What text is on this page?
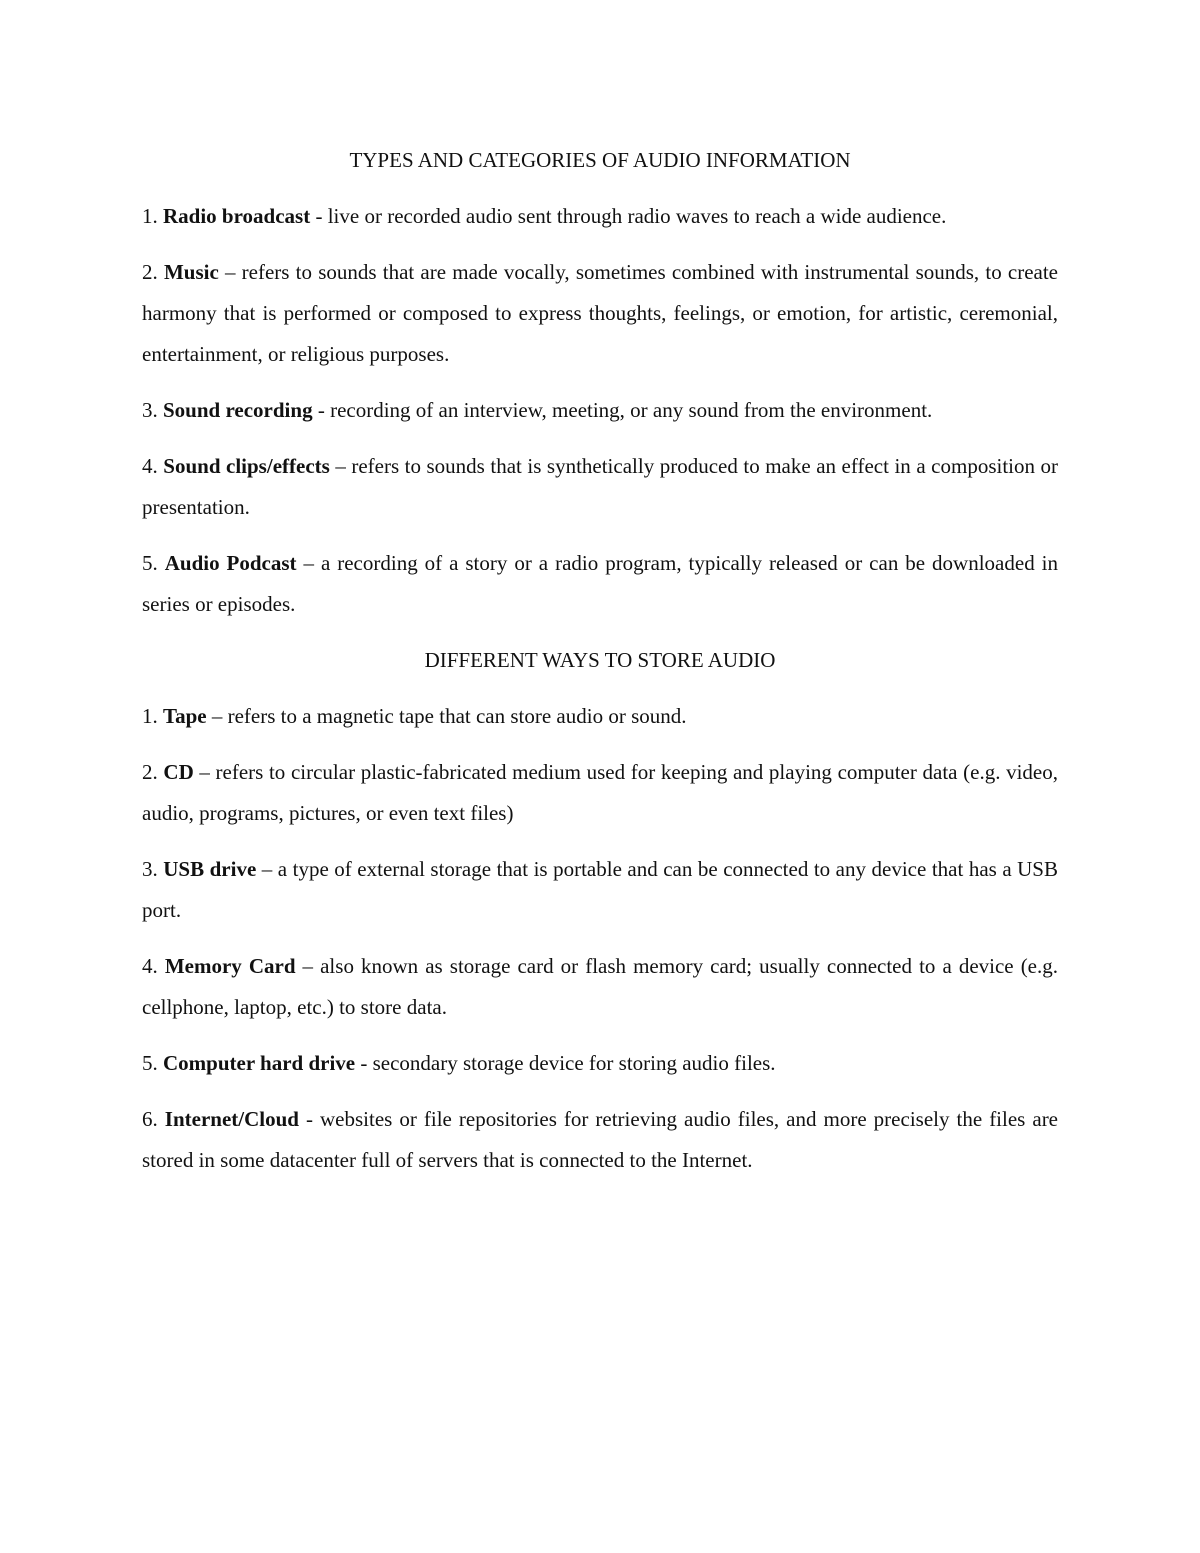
TYPES AND CATEGORIES OF AUDIO INFORMATION
1. Radio broadcast - live or recorded audio sent through radio waves to reach a wide audience.
2. Music – refers to sounds that are made vocally, sometimes combined with instrumental sounds, to create harmony that is performed or composed to express thoughts, feelings, or emotion, for artistic, ceremonial, entertainment, or religious purposes.
3. Sound recording - recording of an interview, meeting, or any sound from the environment.
4. Sound clips/effects – refers to sounds that is synthetically produced to make an effect in a composition or presentation.
5. Audio Podcast – a recording of a story or a radio program, typically released or can be downloaded in series or episodes.
DIFFERENT WAYS TO STORE AUDIO
1. Tape – refers to a magnetic tape that can store audio or sound.
2. CD – refers to circular plastic-fabricated medium used for keeping and playing computer data (e.g. video, audio, programs, pictures, or even text files)
3. USB drive – a type of external storage that is portable and can be connected to any device that has a USB port.
4. Memory Card – also known as storage card or flash memory card; usually connected to a device (e.g. cellphone, laptop, etc.) to store data.
5. Computer hard drive - secondary storage device for storing audio files.
6. Internet/Cloud - websites or file repositories for retrieving audio files, and more precisely the files are stored in some datacenter full of servers that is connected to the Internet.
